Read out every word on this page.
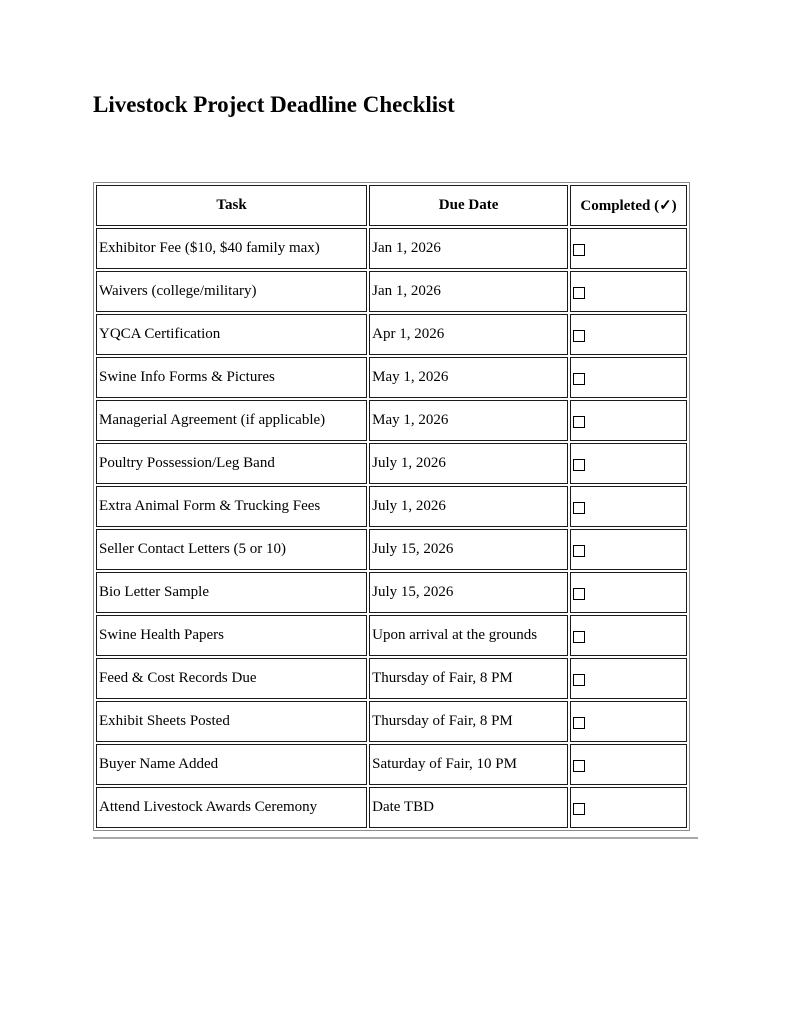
Livestock Project Deadline Checklist
Task	Due Date	Completed (✓)
Exhibitor Fee ($10, $40 family max)	Jan 1, 2026	
Waivers (college/military)	Jan 1, 2026	
YQCA Certification	Apr 1, 2026	
Swine Info Forms & Pictures	May 1, 2026	
Managerial Agreement (if applicable)	May 1, 2026	
Poultry Possession/Leg Band	July 1, 2026	
Extra Animal Form & Trucking Fees	July 1, 2026	
Seller Contact Letters (5 or 10)	July 15, 2026	
Bio Letter Sample	July 15, 2026	
Swine Health Papers	Upon arrival at the grounds	
Feed & Cost Records Due	Thursday of Fair, 8 PM	
Exhibit Sheets Posted	Thursday of Fair, 8 PM	
Buyer Name Added	Saturday of Fair, 10 PM	
Attend Livestock Awards Ceremony	Date TBD	
